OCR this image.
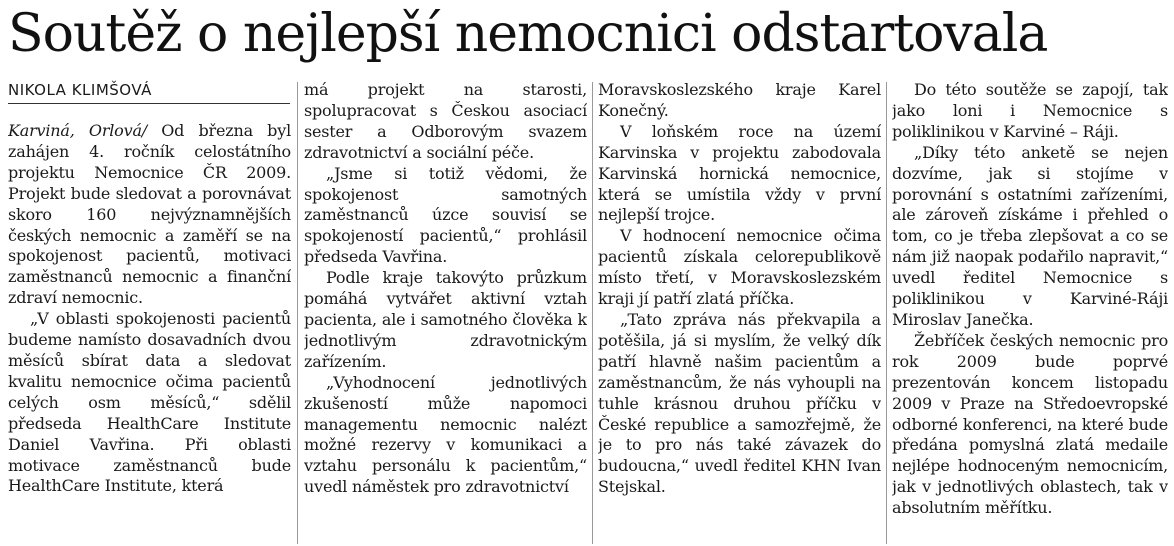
Soutěž o nejlepší nemocnici odstartovala
NIKOLA KLIMŠOVÁ

Karviná, Orlová/ Od března byl zahájen 4. ročník celostátního projektu Nemocnice ČR 2009. Projekt bude sledovat a porovnávat skoro 160 nejvýznamnějších českých nemocnic a zaměří se na spokojenost pacientů, motivaci zaměstnanců nemocnic a finanční zdraví nemocnic.

„V oblasti spokojenosti pacientů budeme namísto dosavadních dvou měsíců sbírat data a sledovat kvalitu nemocnice očima pacientů celých osm měsíců,“ sdělil předseda HealthCare Institute Daniel Vavřina. Při oblasti motivace zaměstnanců bude HealthCare Institute, která

má projekt na starosti, spolupracovat s Českou asociací sester a Odborovým svazem zdravotnictví a sociální péče.

„Jsme si totiž vědomi, že spokojenost samotných zaměstnanců úzce souvisí se spokojeností pacientů,“ prohlásil předseda Vavřina.

Podle kraje takovýto průzkum pomáhá vytvářet aktivní vztah pacienta, ale i samotného člověka k jednotlivým zdravotnickým zařízením.

„Vyhodnocení jednotlivých zkušeností může napomoci managementu nemocnic nalézt možné rezervy v komunikaci a vztahu personálu k pacientům,“ uvedl náměstek pro zdravotnictví

Moravskoslezského kraje Karel Konečný.

V loňském roce na území Karvinska v projektu zabodovala Karvinská hornická nemocnice, která se umístila vždy v první nejlepší trojce.

V hodnocení nemocnice očima pacientů získala celorepublikově místo třetí, v Moravskoslezském kraji jí patří zlatá příčka.

„Tato zpráva nás překvapila a potěšila, já si myslím, že velký dík patří hlavně našim pacientům a zaměstnancům, že nás vyhoupli na tuhle krásnou druhou příčku v České republice a samozřejmě, že je to pro nás také závazek do budoucna,“ uvedl ředitel KHN Ivan Stejskal.

Do této soutěže se zapojí, tak jako loni i Nemocnice s poliklinikou v Karviné – Ráji.

„Díky této anketě se nejen dozvíme, jak si stojíme v porovnání s ostatními zařízeními, ale zároveň získáme i přehled o tom, co je třeba zlepšovat a co se nám již naopak podařilo napravit,“ uvedl ředitel Nemocnice s poliklinikou v Karviné-Ráji Miroslav Janečka.

Žebříček českých nemocnic pro rok 2009 bude poprvé prezentován koncem listopadu 2009 v Praze na Středoevropské odborné konferenci, na které bude předána pomyslná zlatá medaile nejlépe hodnoceným nemocnicím, jak v jednotlivých oblastech, tak v absolutním měřítku.
